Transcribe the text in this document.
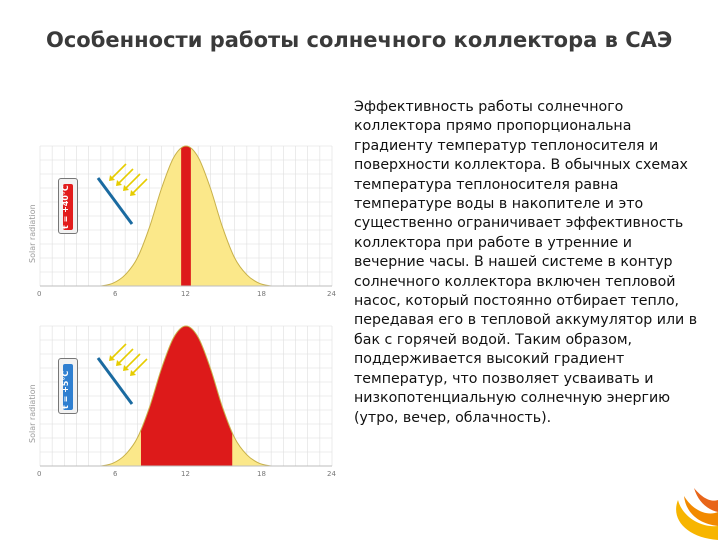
Особенности работы солнечного коллектора в САЭ
Solar radiation
0	6	12	18	24
t = +40°C
Solar radiation
0	6	12	18	24
t = +5°C
Эффективность работы солнечного коллектора прямо пропорциональна градиенту температур теплоносителя и поверхности коллектора. В обычных схемах температура теплоносителя равна температуре воды в накопителе и это существенно ограничивает эффективность коллектора при работе в утренние и вечерние часы. В нашей системе в контур солнечного коллектора включен тепловой насос, который постоянно отбирает тепло, передавая его в тепловой аккумулятор или в бак с горячей водой. Таким образом, поддерживается высокий градиент температур, что позволяет усваивать и низкопотенциальную солнечную энергию (утро, вечер, облачность).
